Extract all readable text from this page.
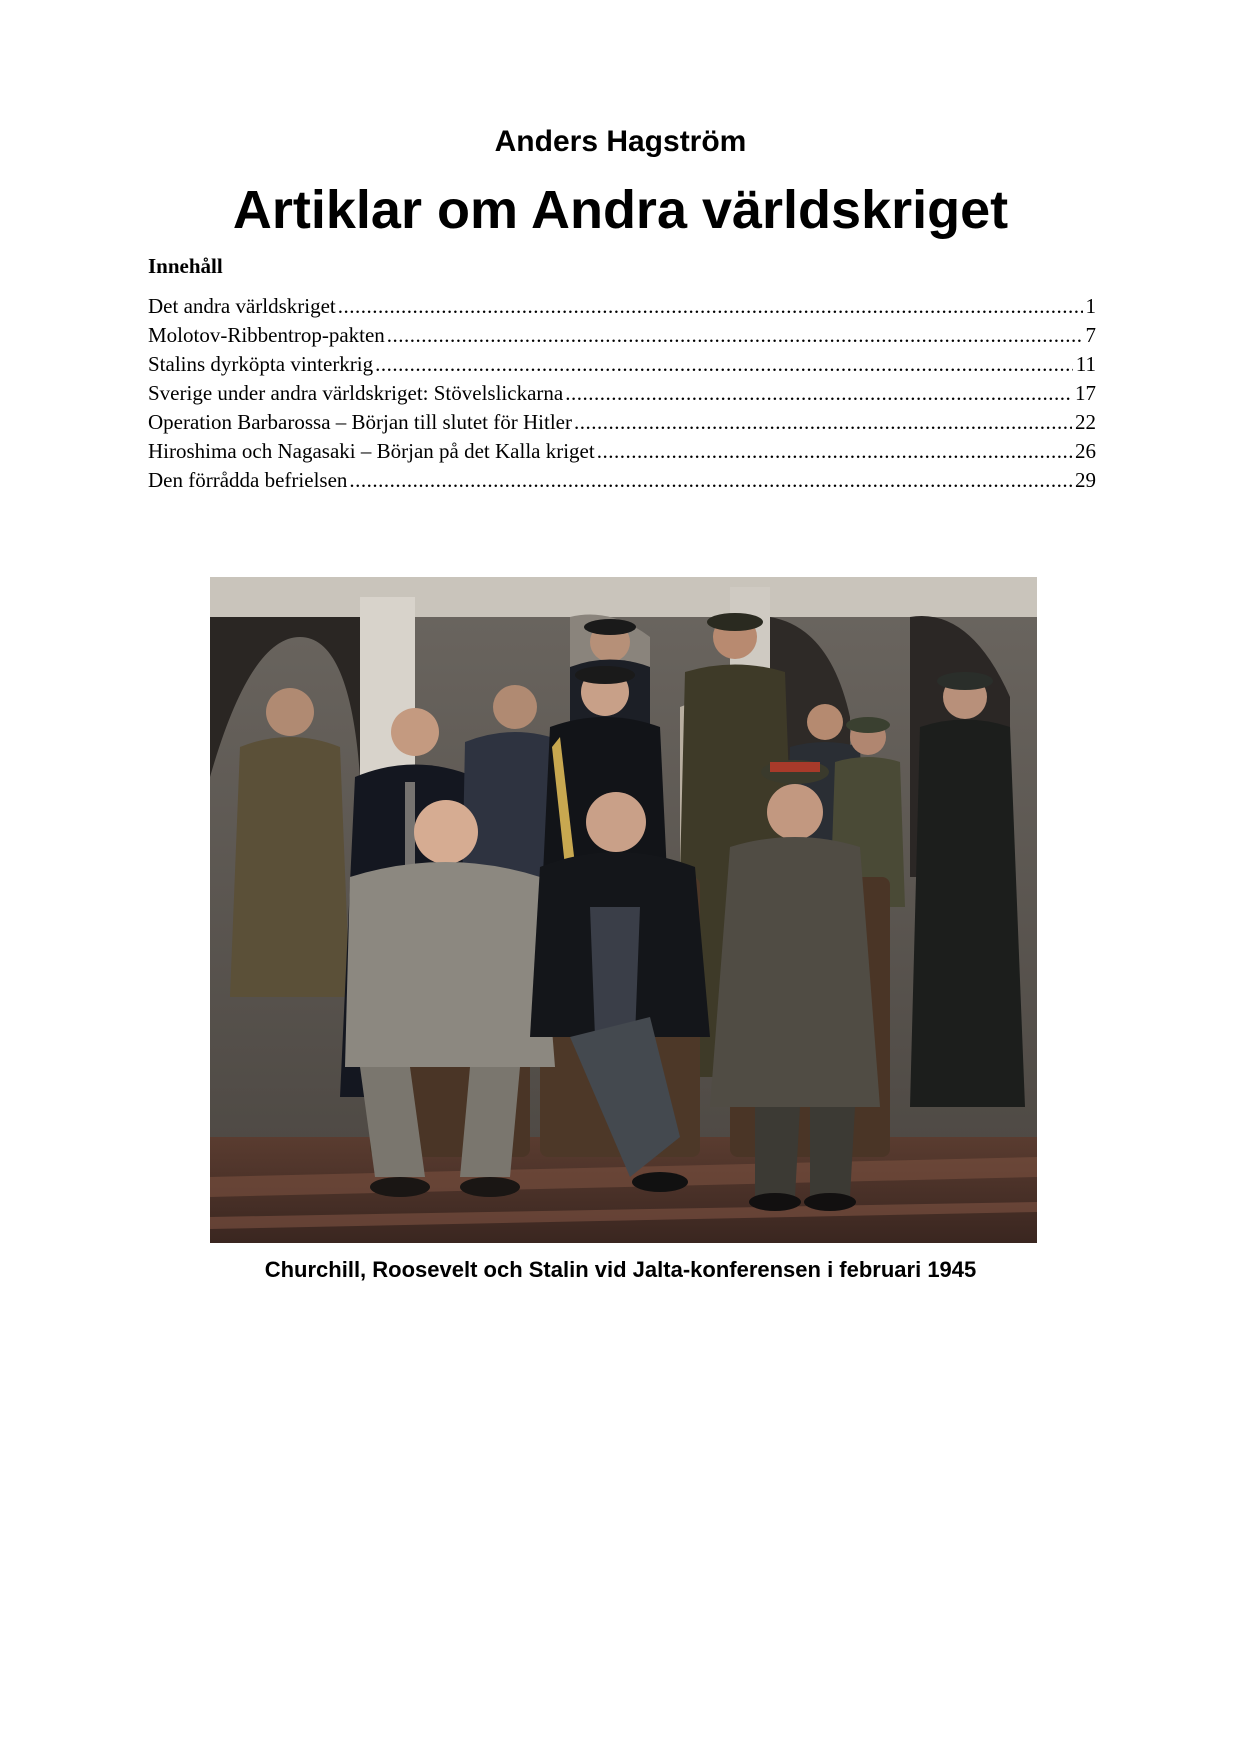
Anders Hagström
Artiklar om Andra världskriget
Innehåll
Det andra världskriget .....	1
Molotov-Ribbentrop-pakten .....	7
Stalins dyrköpta vinterkrig .....	11
Sverige under andra världskriget: Stövelslickarna .....	17
Operation Barbarossa – Början till slutet för Hitler .....	22
Hiroshima och Nagasaki – Början på det Kalla kriget .....	26
Den förrådda befrielsen .....	29
Churchill, Roosevelt och Stalin vid Jalta-konferensen i februari 1945
